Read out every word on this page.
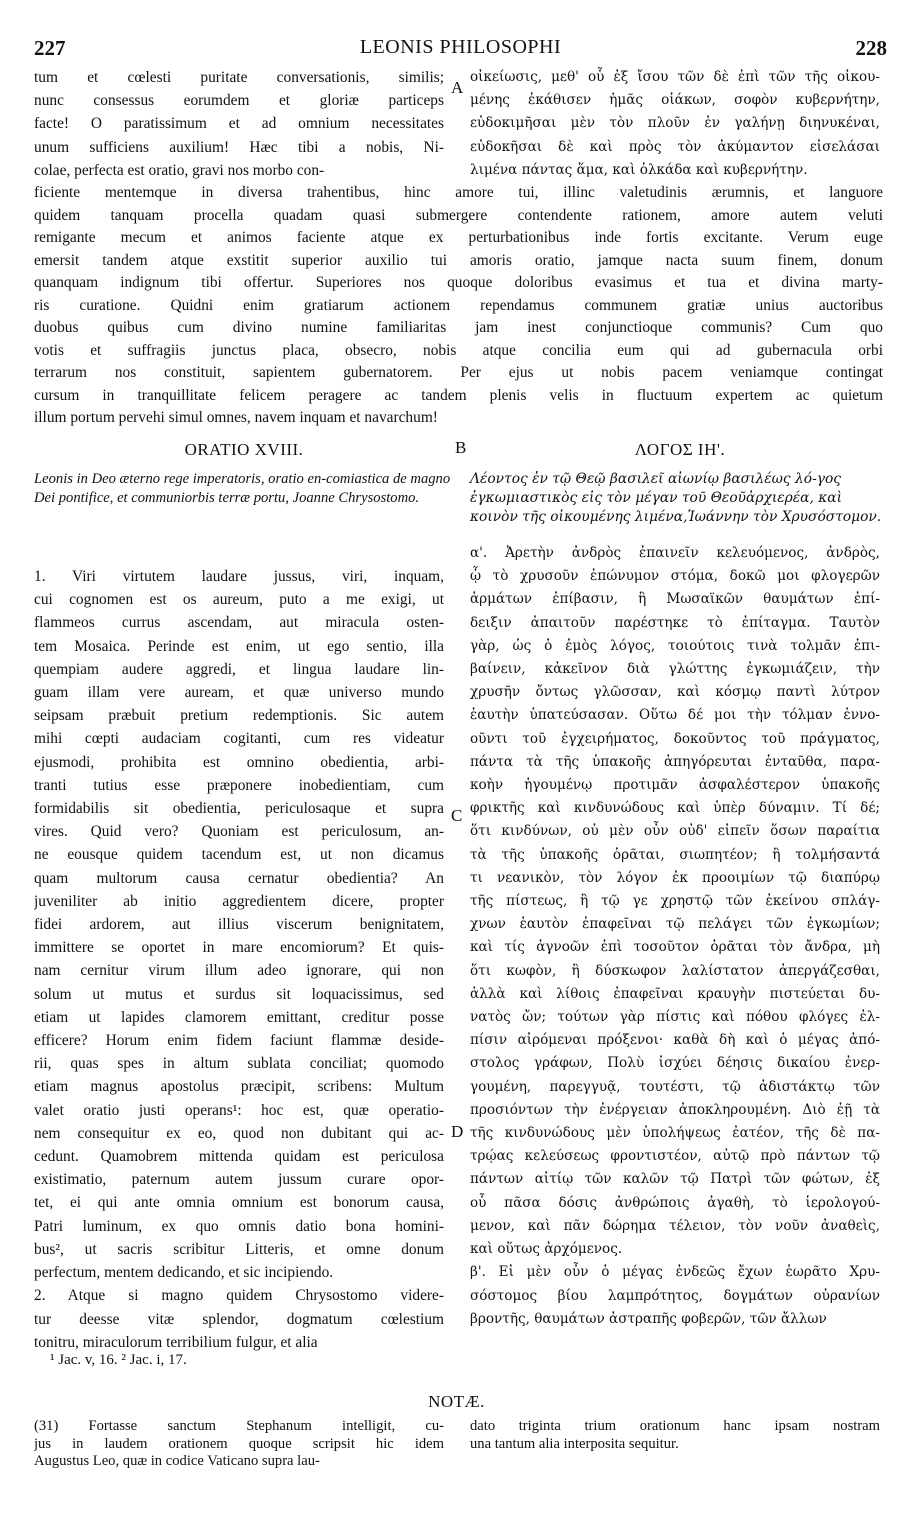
227	LEONIS PHILOSOPHI	228
tum et cœlesti puritate conversationis, similis;
nunc consessus eorumdem et gloriæ particeps
facte! O paratissimum et ad omnium necessitates
unum sufficiens auxilium! Hæc tibi a nobis, Ni-
colae, perfecta est oratio, gravi nos morbo con-
οἰκείωσις, μεθ' οὗ ἐξ ἴσου τῶν δὲ ἐπὶ τῶν τῆς οἰκου-
μένης ἐκάθισεν ἡμᾶς οἰάκων, σοφὸν κυβερνήτην,
εὐδοκιμῆσαι μὲν τὸν πλοῦν ἐν γαλήνῃ διηνυκέναι,
εὐδοκῆσαι δὲ καὶ πρὸς τὸν ἀκύμαντον εἰσελάσαι
λιμένα πάντας ἅμα, καὶ ὁλκάδα καὶ κυβερνήτην.
A
ficiente mentemque in diversa trahentibus, hinc amore tui, illinc valetudinis ærumnis, et languore
quidem tanquam procella quadam quasi submergere contendente rationem, amore autem veluti
remigante mecum et animos faciente atque ex perturbationibus inde fortis excitante. Verum euge
emersit tandem atque exstitit superior auxilio tui amoris oratio, jamque nacta suum finem, donum
quanquam indignum tibi offertur. Superiores nos quoque doloribus evasimus et tua et divina marty-
ris curatione. Quidni enim gratiarum actionem rependamus communem gratiæ unius auctoribus
duobus quibus cum divino numine familiaritas jam inest conjunctioque communis? Cum quo
votis et suffragiis junctus placa, obsecro, nobis atque concilia eum qui ad gubernacula orbi
terrarum nos constituit, sapientem gubernatorem. Per ejus ut nobis pacem veniamque contingat
cursum in tranquillitate felicem peragere ac tandem plenis velis in fluctuum expertem ac quietum
illum portum pervehi simul omnes, navem inquam et navarchum!
ORATIO XVIII.	B	ΛΟΓΟΣ ΙΗ'.
Leonis in Deo æterno rege imperatoris, oratio en-comiastica de magno Dei pontifice, et communiorbis terræ portu, Joanne Chrysostomo.
Λέοντος ἐν τῷ Θεῷ βασιλεῖ αἰωνίῳ βασιλέως λό-γος ἐγκωμιαστικὸς εἰς τὸν μέγαν τοῦ Θεοῦἀρχιερέα, καὶ κοινὸν τῆς οἰκουμένης λιμένα,Ἰωάννην τὸν Χρυσόστομον.
1. Viri virtutem laudare jussus, viri, inquam,
cui cognomen est os aureum, puto a me exigi, ut
flammeos currus ascendam, aut miracula osten-
tem Mosaica. Perinde est enim, ut ego sentio, illa
quempiam audere aggredi, et lingua laudare lin-
guam illam vere auream, et quæ universo mundo
seipsam præbuit pretium redemptionis. Sic autem
mihi cœpti audaciam cogitanti, cum res videatur
ejusmodi, prohibita est omnino obedientia, arbi-
tranti tutius esse præponere inobedientiam, cum
formidabilis sit obedientia, periculosaque et supra
vires. Quid vero? Quoniam est periculosum, an-
ne eousque quidem tacendum est, ut non dicamus
quam multorum causa cernatur obedientia? An
juveniliter ab initio aggredientem dicere, propter
fidei ardorem, aut illius viscerum benignitatem,
immittere se oportet in mare encomiorum? Et quis-
nam cernitur virum illum adeo ignorare, qui non
solum ut mutus et surdus sit loquacissimus, sed
etiam ut lapides clamorem emittant, creditur posse
efficere? Horum enim fidem faciunt flammæ deside-
rii, quas spes in altum sublata conciliat; quomodo
etiam magnus apostolus præcipit, scribens: Multum
valet oratio justi operans¹: hoc est, quæ operatio-
nem consequitur ex eo, quod non dubitant qui ac-
cedunt. Quamobrem mittenda quidam est periculosa
existimatio, paternum autem jussum curare opor-
tet, ei qui ante omnia omnium est bonorum causa,
Patri luminum, ex quo omnis datio bona homini-
bus², ut sacris scribitur Litteris, et omne donum
perfectum, mentem dedicando, et sic incipiendo.
2. Atque si magno quidem Chrysostomo videre-
tur deesse vitæ splendor, dogmatum cœlestium
tonitru, miraculorum terribilium fulgur, et alia
α'. Ἀρετὴν ἀνδρὸς ἐπαινεῖν κελευόμενος, ἀνδρὸς,
ᾧ τὸ χρυσοῦν ἐπώνυμον στόμα, δοκῶ μοι φλογερῶν
ἁρμάτων ἐπίβασιν, ἢ Μωσαϊκῶν θαυμάτων ἐπί-
δειξιν ἀπαιτοῦν παρέστηκε τὸ ἐπίταγμα. Ταυτὸν
γὰρ, ὡς ὁ ἐμὸς λόγος, τοιούτοις τινὰ τολμᾶν ἐπι-
βαίνειν, κἀκεῖνον διὰ γλώττης ἐγκωμιάζειν, τὴν
χρυσῆν ὄντως γλῶσσαν, καὶ κόσμῳ παντὶ λύτρον
ἑαυτὴν ὑπατεύσασαν. Οὕτω δέ μοι τὴν τόλμαν ἐννο-
οῦντι τοῦ ἐγχειρήματος, δοκοῦντος τοῦ πράγματος,
πάντα τὰ τῆς ὑπακοῆς ἀπηγόρευται ἐνταῦθα, παρα-
κοὴν ἡγουμένῳ προτιμᾶν ἀσφαλέστερον ὑπακοῆς
φρικτῆς καὶ κινδυνώδους καὶ ὑπὲρ δύναμιν. Τί δέ;
ὅτι κινδύνων, οὐ μὲν οὖν οὐδ' εἰπεῖν ὅσων παραίτια
τὰ τῆς ὑπακοῆς ὁρᾶται, σιωπητέον; ἢ τολμήσαντά
τι νεανικὸν, τὸν λόγον ἐκ προοιμίων τῷ διαπύρῳ
τῆς πίστεως, ἢ τῷ γε χρηστῷ τῶν ἐκείνου σπλάγ-
χνων ἑαυτὸν ἐπαφεῖναι τῷ πελάγει τῶν ἐγκωμίων;
καὶ τίς ἀγνοῶν ἐπὶ τοσοῦτον ὁρᾶται τὸν ἄνδρα, μὴ
ὅτι κωφὸν, ἢ δύσκωφον λαλίστατον ἀπεργάζεσθαι,
ἀλλὰ καὶ λίθοις ἐπαφεῖναι κραυγὴν πιστεύεται δυ-
νατὸς ὤν; τούτων γὰρ πίστις καὶ πόθου φλόγες ἐλ-
πίσιν αἰρόμεναι πρόξενοι· καθὰ δὴ καὶ ὁ μέγας ἀπό-
στολος γράφων, Πολὺ ἰσχύει δέησις δικαίου ἐνερ-
γουμένη, παρεγγυᾷ, τουτέστι, τῷ ἀδιστάκτῳ τῶν
προσιόντων τὴν ἐνέργειαν ἀποκληρουμένη. Διὸ ἐῇ τὰ
τῆς κινδυνώδους μὲν ὑπολήψεως ἐατέον, τῆς δὲ πα-
τρῴας κελεύσεως φροντιστέον, αὐτῷ πρὸ πάντων τῷ
πάντων αἰτίῳ τῶν καλῶν τῷ Πατρὶ τῶν φώτων, ἐξ
οὗ πᾶσα δόσις ἀνθρώποις ἀγαθὴ, τὸ ἱερολογού-
μενον, καὶ πᾶν δώρημα τέλειον, τὸν νοῦν ἀναθεὶς,
καὶ οὕτως ἀρχόμενος.
β'. Εἰ μὲν οὖν ὁ μέγας ἐνδεῶς ἔχων ἑωρᾶτο Χρυ-
σόστομος βίου λαμπρότητος, δογμάτων οὐρανίων
βροντῆς, θαυμάτων ἀστραπῆς φοβερῶν, τῶν ἄλλων
C
D
¹ Jac. v, 16. ² Jac. i, 17.
NOTÆ.
(31) Fortasse sanctum Stephanum intelligit, cu-
jus in laudem orationem quoque scripsit hic idem
Augustus Leo, quæ in codice Vaticano supra lau-
dato triginta trium orationum hanc ipsam nostram
una tantum alia interposita sequitur.
